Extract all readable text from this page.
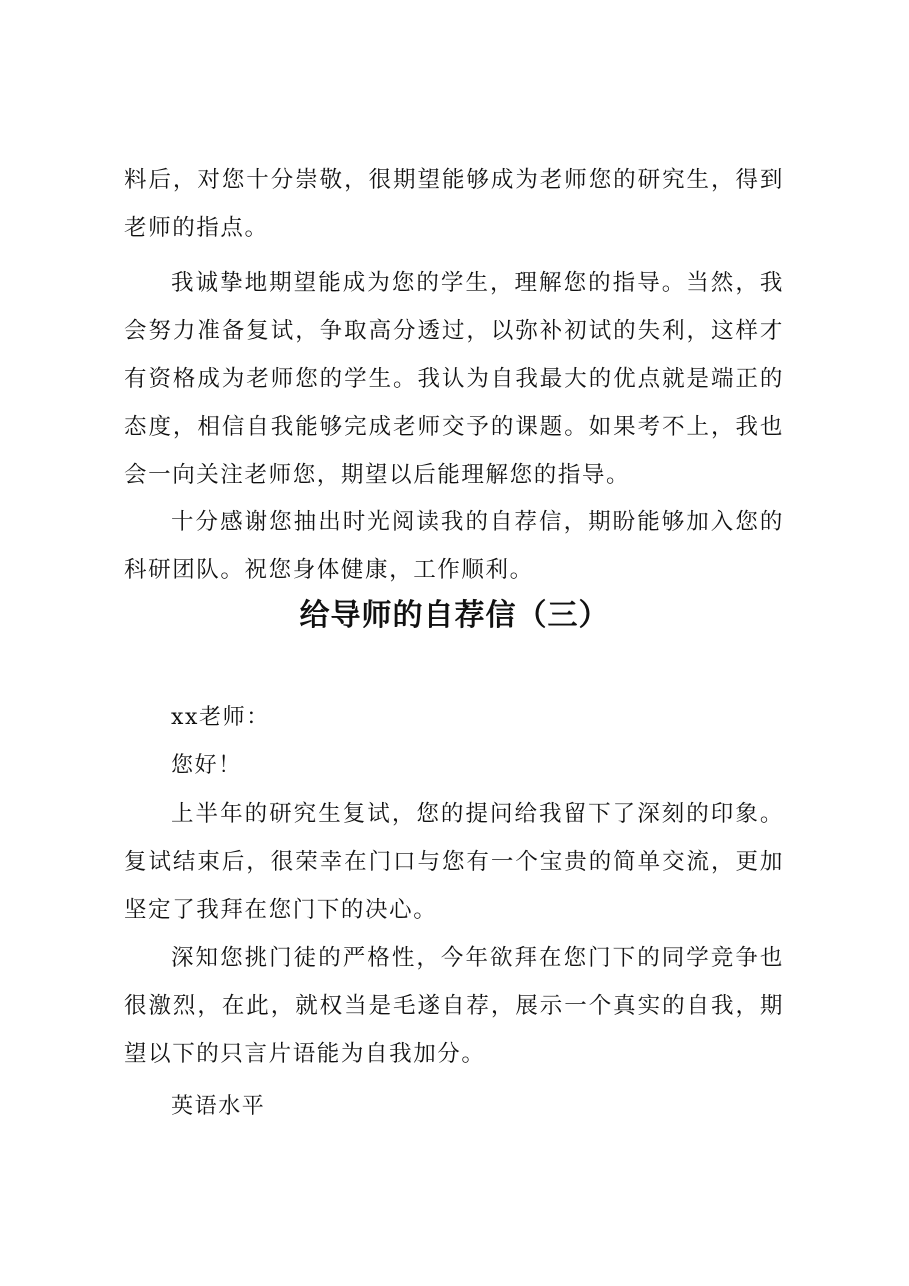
料后，对您十分崇敬，很期望能够成为老师您的研究生，得到老师的指点。

我诚挚地期望能成为您的学生，理解您的指导。当然，我会努力准备复试，争取高分透过，以弥补初试的失利，这样才有资格成为老师您的学生。我认为自我最大的优点就是端正的态度，相信自我能够完成老师交予的课题。如果考不上，我也会一向关注老师您，期望以后能理解您的指导。

十分感谢您抽出时光阅读我的自荐信，期盼能够加入您的科研团队。祝您身体健康，工作顺利。

给导师的自荐信（三）

xx老师：

您好！

上半年的研究生复试，您的提问给我留下了深刻的印象。复试结束后，很荣幸在门口与您有一个宝贵的简单交流，更加坚定了我拜在您门下的决心。

深知您挑门徒的严格性，今年欲拜在您门下的同学竞争也很激烈，在此，就权当是毛遂自荐，展示一个真实的自我，期望以下的只言片语能为自我加分。

英语水平
